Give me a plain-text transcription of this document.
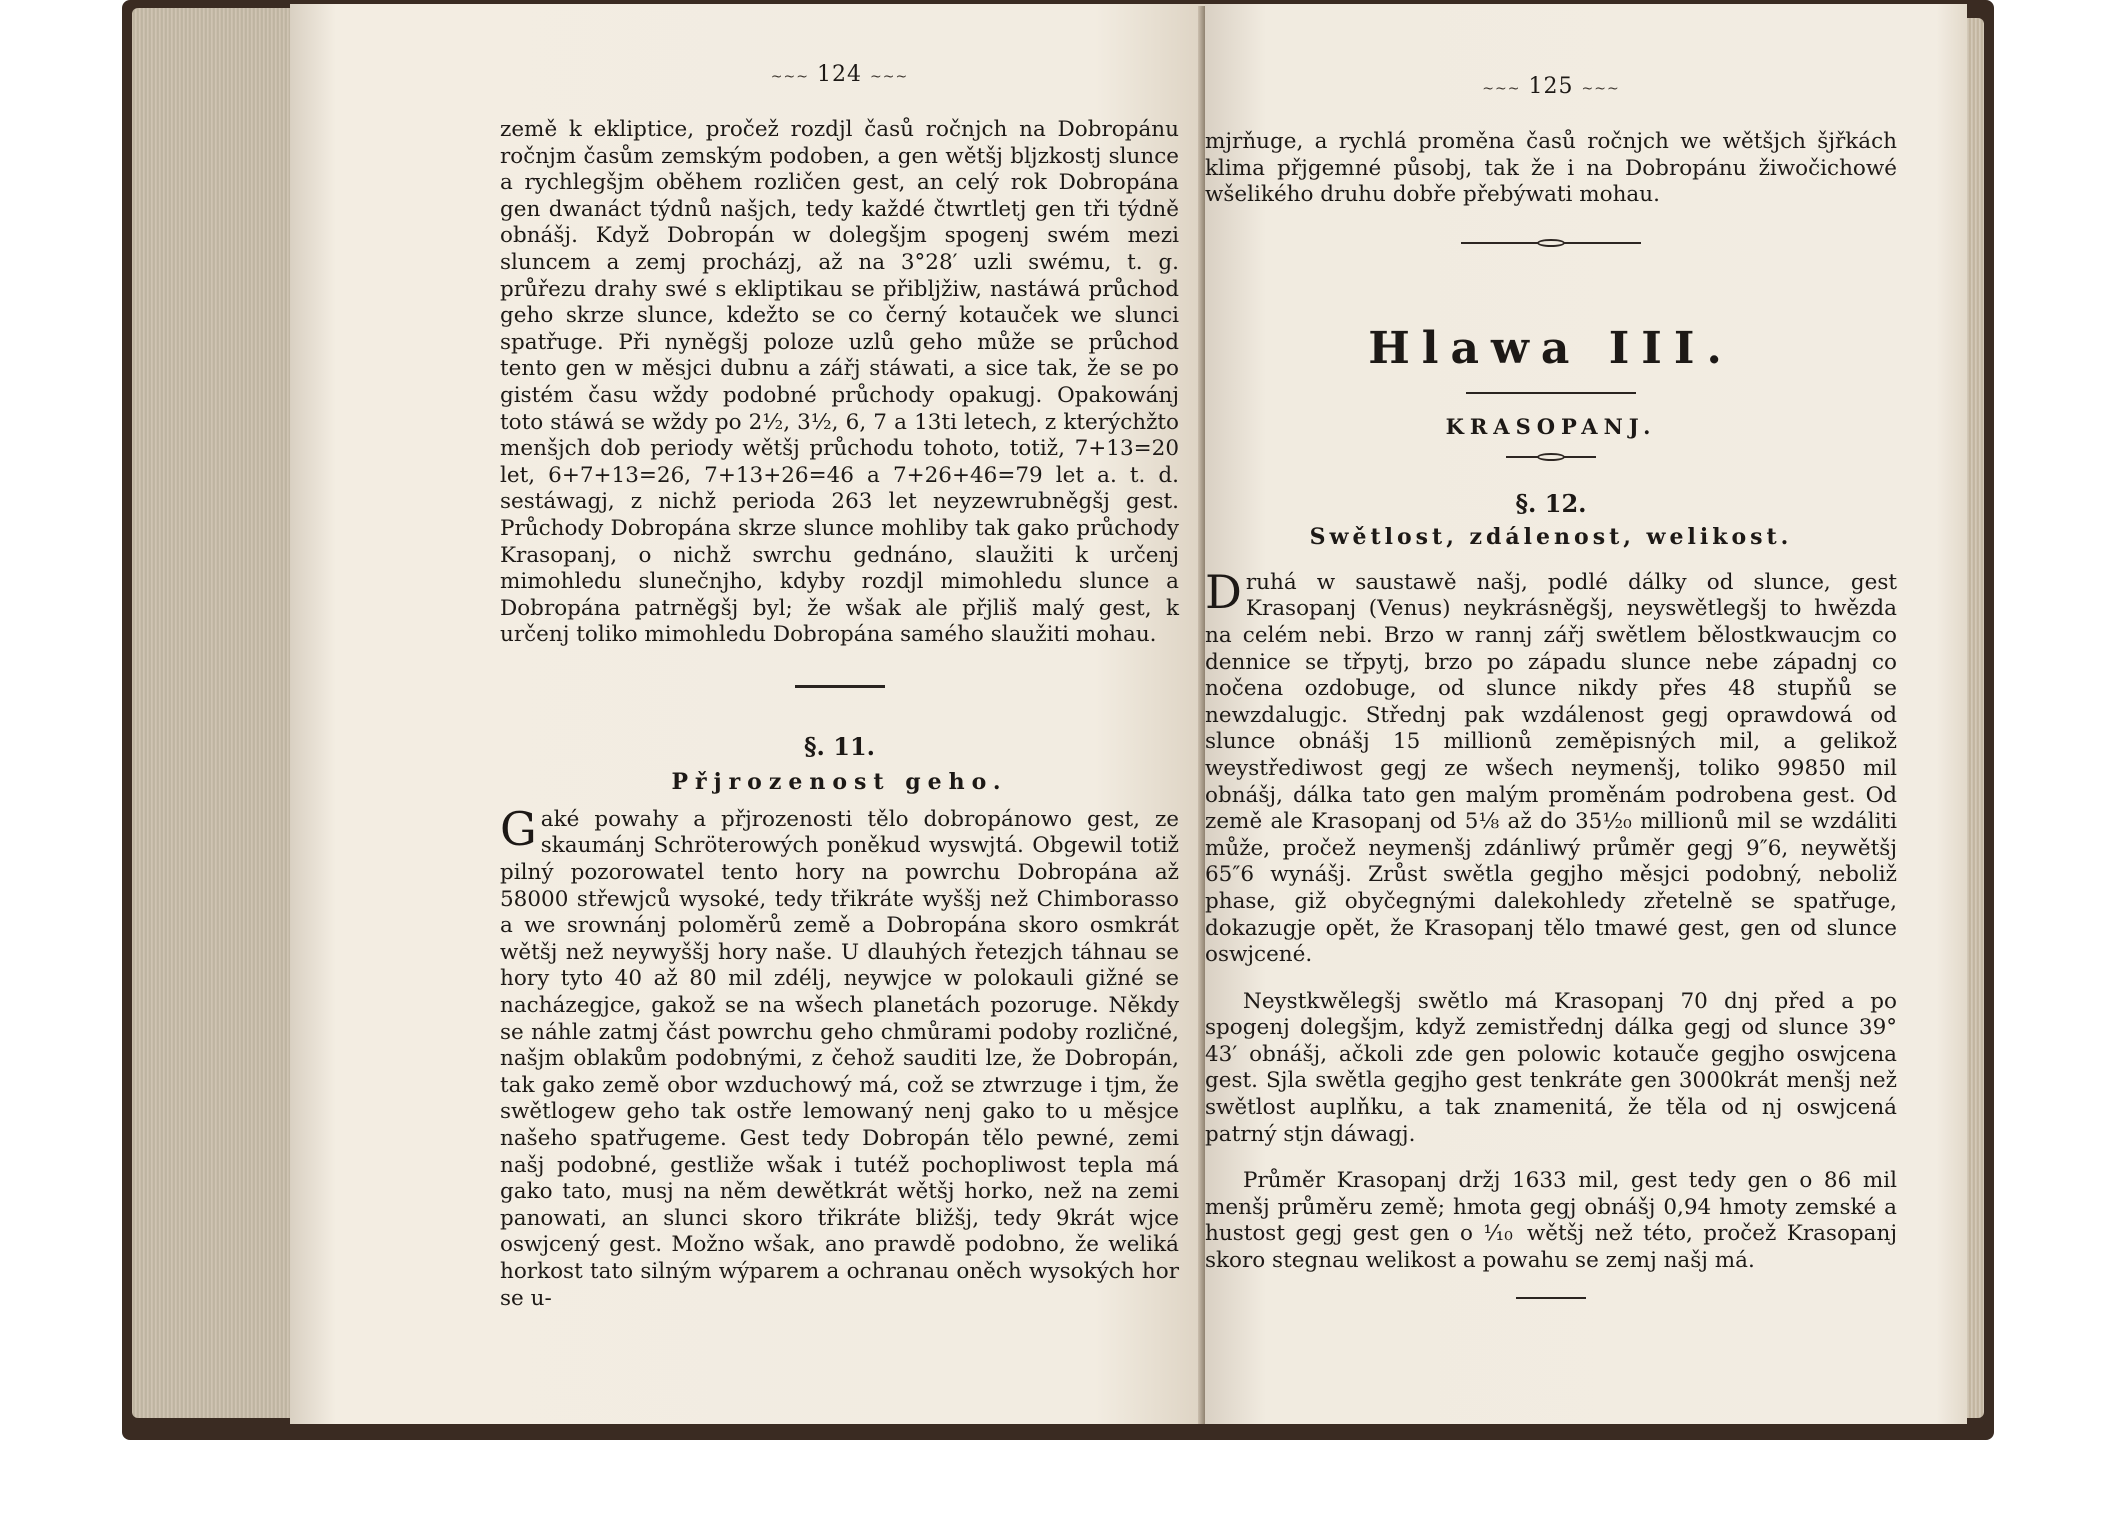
~~~ 124 ~~~

země k ekliptice, pročež rozdjl časů ročnjch na Dobropánu ročnjm časům zemským podoben, a gen wětšj bljzkostj slunce a rychlegšjm oběhem rozličen gest, an celý rok Dobropána gen dwanáct týdnů našjch, tedy každé čtwrtletj gen tři týdně obnášj. Když Dobropán w dolegšjm spogenj swém mezi sluncem a zemj procházj, až na 3°28′ uzli swému, t. g. průřezu drahy swé s ekliptikau se přibljžiw, nastáwá průchod geho skrze slunce, kdežto se co černý kotauček we slunci spatřuge. Při nyněgšj poloze uzlů geho může se průchod tento gen w měsjci dubnu a zářj stáwati, a sice tak, že se po gistém času wždy podobné průchody opakugj. Opakowánj toto stáwá se wždy po 2½, 3½, 6, 7 a 13ti letech, z kterýchžto menšjch dob periody wětšj průchodu tohoto, totiž, 7+13=20 let, 6+7+13=26, 7+13+26=46 a 7+26+46=79 let a. t. d. sestáwagj, z nichž perioda 263 let neyzewrubněgšj gest. Průchody Dobropána skrze slunce mohliby tak gako průchody Krasopanj, o nichž swrchu gednáno, slaužiti k určenj mimohledu slunečnjho, kdyby rozdjl mimohledu slunce a Dobropána patrněgšj byl; že wšak ale přjliš malý gest, k určenj toliko mimohledu Dobropána samého slaužiti mohau.

§. 11.
Přjrozenost geho.

Gaké powahy a přjrozenosti tělo dobropánowo gest, ze skaumánj Schröterowých poněkud wyswjtá. Obgewil totiž pilný pozorowatel tento hory na powrchu Dobropána až 58000 střewjců wysoké, tedy třikráte wyššj než Chimborasso a we srownánj poloměrů země a Dobropána skoro osmkrát wětšj než neywyššj hory naše. U dlauhých řetezjch táhnau se hory tyto 40 až 80 mil zdélj, neywjce w polokauli gižné se nacházegjce, gakož se na wšech planetách pozoruge. Někdy se náhle zatmj část powrchu geho chmůrami podoby rozličné, našjm oblakům podobnými, z čehož sauditi lze, že Dobropán, tak gako země obor wzduchowý má, což se ztwrzuge i tjm, že swětlogew geho tak ostře lemowaný nenj gako to u měsjce našeho spatřugeme. Gest tedy Dobropán tělo pewné, zemi našj podobné, gestliže wšak i tutéž pochopliwost tepla má gako tato, musj na něm dewětkrát wětšj horko, než na zemi panowati, an slunci skoro třikráte bližšj, tedy 9krát wjce oswjcený gest. Možno wšak, ano prawdě podobno, že weliká horkost tato silným wýparem a ochranau oněch wysokých hor se u-

~~~ 125 ~~~

mjrňuge, a rychlá proměna časů ročnjch we wětšjch šjřkách klima přjgemné působj, tak že i na Dobropánu žiwočichowé wšelikého druhu dobře přebýwati mohau.

Hlawa III.
KRASOPANJ.
§. 12.
Swětlost, zdálenost, welikost.

Druhá w saustawě našj, podlé dálky od slunce, gest Krasopanj (Venus) neykrásněgšj, neyswětlegšj to hwězda na celém nebi. Brzo w rannj zářj swětlem bělostkwaucjm co dennice se třpytj, brzo po západu slunce nebe západnj co nočena ozdobuge, od slunce nikdy přes 48 stupňů se newzdalugjc. Střednj pak wzdálenost gegj oprawdowá od slunce obnášj 15 millionů zeměpisných mil, a gelikož weystřediwost gegj ze wšech neymenšj, toliko 99850 mil obnášj, dálka tato gen malým proměnám podrobena gest. Od země ale Krasopanj od 5⅛ až do 35⅟₂₀ millionů mil se wzdáliti může, pročež neymenšj zdánliwý průměr gegj 9″6, neywětšj 65″6 wynášj. Zrůst swětla gegjho měsjci podobný, neboliž phase, giž obyčegnými dalekohledy zřetelně se spatřuge, dokazugje opět, že Krasopanj tělo tmawé gest, gen od slunce oswjcené.

Neystkwělegšj swětlo má Krasopanj 70 dnj před a po spogenj dolegšjm, když zemistřednj dálka gegj od slunce 39° 43′ obnášj, ačkoli zde gen polowic kotauče gegjho oswjcena gest. Sjla swětla gegjho gest tenkráte gen 3000krát menšj než swětlost auplňku, a tak znamenitá, že těla od nj oswjcená patrný stjn dáwagj.

Průměr Krasopanj držj 1633 mil, gest tedy gen o 86 mil menšj průměru země; hmota gegj obnášj 0,94 hmoty zemské a hustost gegj gest gen o ⅒ wětšj než této, pročež Krasopanj skoro stegnau welikost a powahu se zemj našj má.
